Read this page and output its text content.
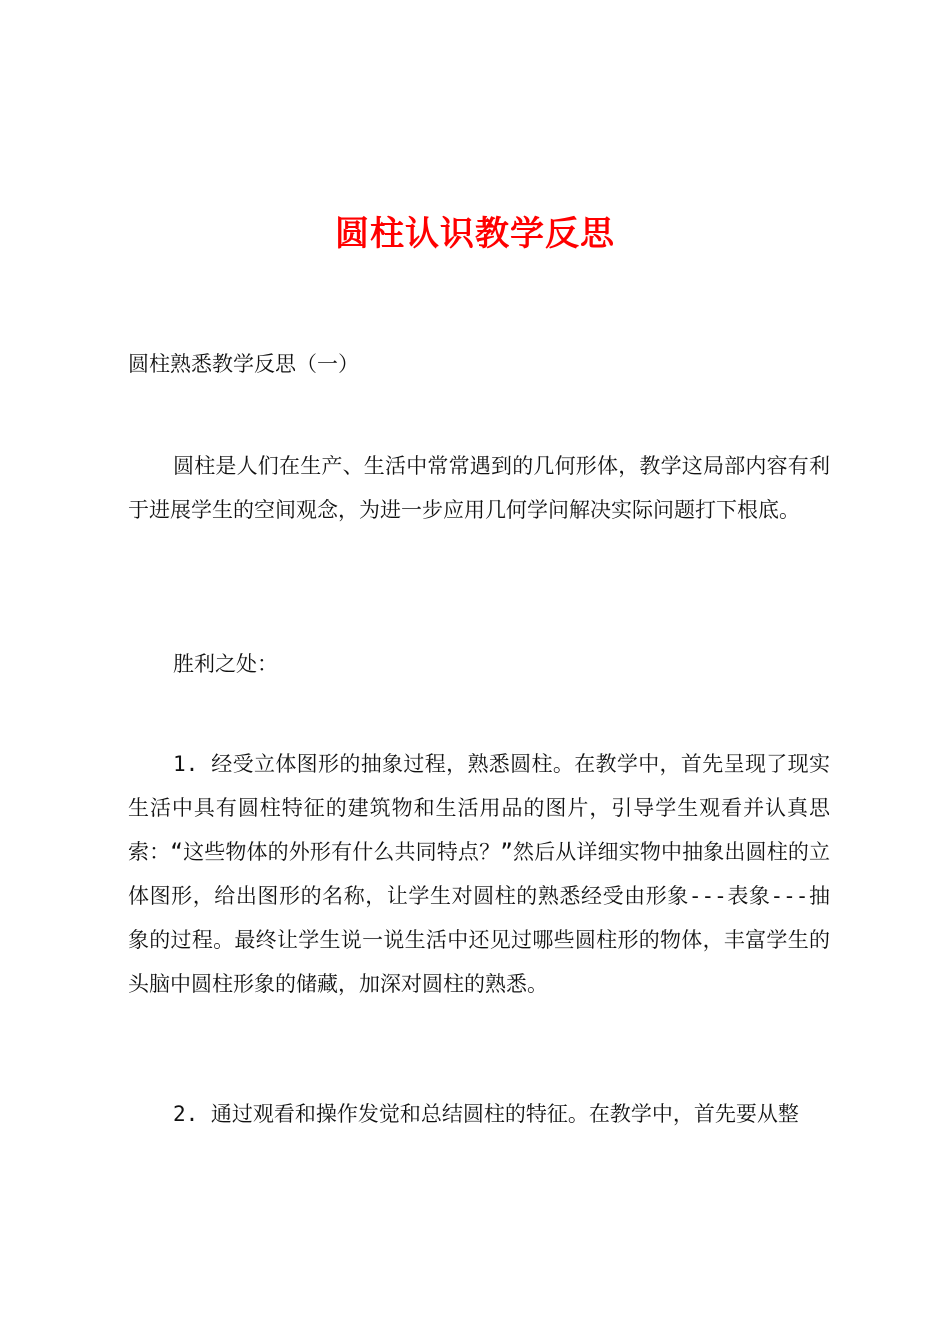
圆柱认识教学反思

圆柱熟悉教学反思（一）

圆柱是人们在生产、生活中常常遇到的几何形体，教学这局部内容有利于进展学生的空间观念，为进一步应用几何学问解决实际问题打下根底。

胜利之处：

1. 经受立体图形的抽象过程，熟悉圆柱。在教学中，首先呈现了现实生活中具有圆柱特征的建筑物和生活用品的图片，引导学生观看并认真思索：“这些物体的外形有什么共同特点？”然后从详细实物中抽象出圆柱的立体图形，给出图形的名称，让学生对圆柱的熟悉经受由形象---表象---抽象的过程。最终让学生说一说生活中还见过哪些圆柱形的物体，丰富学生的头脑中圆柱形象的储藏，加深对圆柱的熟悉。

2. 通过观看和操作发觉和总结圆柱的特征。在教学中，首先要从整
